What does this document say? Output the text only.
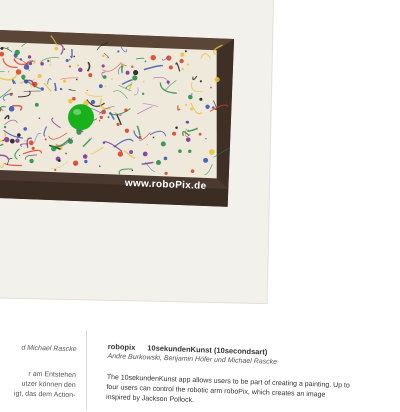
www.roboPix.de
d Michael Rascke

r am Entstehen
utzer können den
igt, das dem Action-

robopix 10sekundenKunst (10secondsart)
Andre Burkowski, Benjamin Höfer und Michael Rascke

The 10sekundenKunst app allows users to be part of creating a painting. Up to four users can control the robotic arm roboPix, which creates an image inspired by Jackson Pollock.
